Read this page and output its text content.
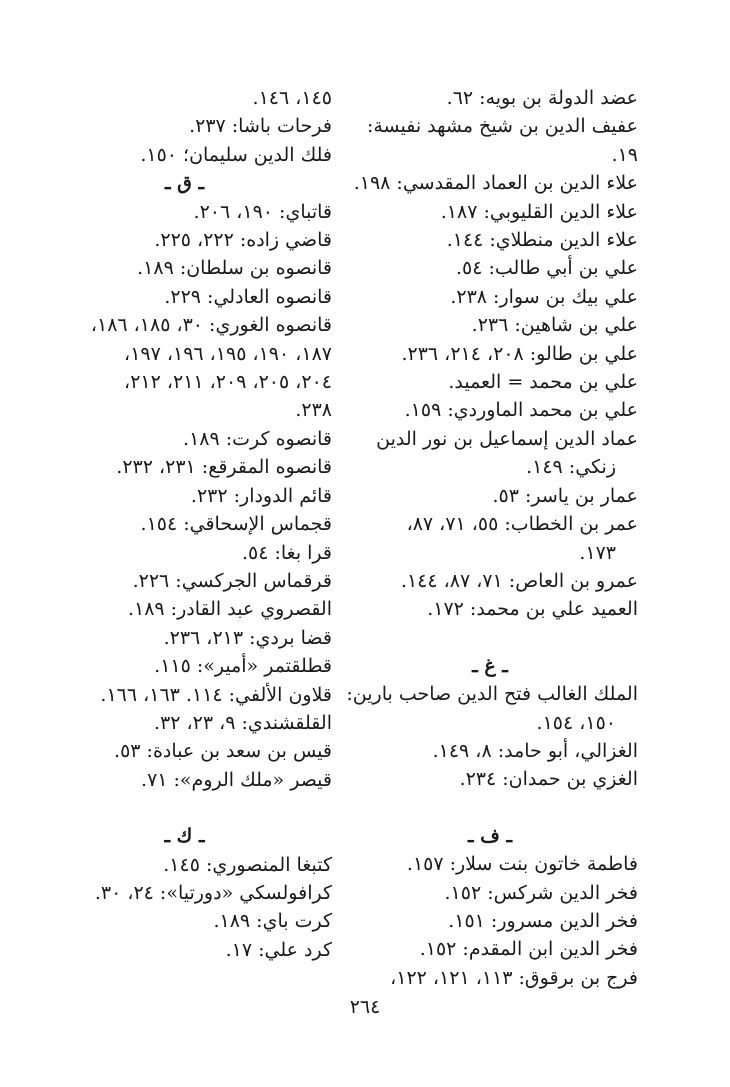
عضد الدولة بن بويه: ٦٢.
عفيف الدين بن شيخ مشهد نفيسة: ١٩.
علاء الدين بن العماد المقدسي: ١٩٨.
علاء الدين القليوبي: ١٨٧.
علاء الدين منطلاي: ١٤٤.
علي بن أبي طالب: ٥٤.
علي بيك بن سوار: ٢٣٨.
علي بن شاهين: ٢٣٦.
علي بن طالو: ٢٠٨، ٢١٤، ٢٣٦.
علي بن محمد = العميد.
علي بن محمد الماوردي: ١٥٩.
عماد الدين إسماعيل بن نور الدين
زنكي: ١٤٩.
عمار بن ياسر: ٥٣.
عمر بن الخطاب: ٥٥، ٧١، ٨٧،
١٧٣.
عمرو بن العاص: ٧١، ٨٧، ١٤٤.
العميد علي بن محمد: ١٧٢.
ـ غ ـ
الملك الغالب فتح الدين صاحب بارين:
١٥٠، ١٥٤.
الغزالي، أبو حامد: ٨، ١٤٩.
الغزي بن حمدان: ٢٣٤.
ـ ف ـ
فاطمة خاتون بنت سلار: ١٥٧.
فخر الدين شركس: ١٥٢.
فخر الدين مسرور: ١٥١.
فخر الدين ابن المقدم: ١٥٢.
فرج بن برقوق: ١١٣، ١٢١، ١٢٢،
١٤٥، ١٤٦.
فرحات باشا: ٢٣٧.
فلك الدين سليمان؛ ١٥٠.
ـ ق ـ
قاتباي: ١٩٠، ٢٠٦.
قاضي زاده: ٢٢٢، ٢٢٥.
قانصوه بن سلطان: ١٨٩.
قانصوه العادلي: ٢٢٩.
قانصوه الغوري: ٣٠، ١٨٥، ١٨٦،
١٨٧، ١٩٠، ١٩٥، ١٩٦، ١٩٧،
٢٠٤، ٢٠٥، ٢٠٩، ٢١١، ٢١٢،
٢٣٨.
قانصوه كرت: ١٨٩.
قانصوه المقرقع: ٢٣١، ٢٣٢.
قائم الدودار: ٢٣٢.
قجماس الإسحاقي: ١٥٤.
قرا بغا: ٥٤.
قرقماس الجركسي: ٢٢٦.
القصروي عبد القادر: ١٨٩.
قضا بردي: ٢١٣، ٢٣٦.
قطلقتمر «أمير»: ١١٥.
قلاون الألفي: ١١٤. ١٦٣، ١٦٦.
القلقشندي: ٩، ٢٣، ٣٢.
قيس بن سعد بن عبادة: ٥٣.
قيصر «ملك الروم»: ٧١.
ـ ك ـ
كتبغا المنصوري: ١٤٥.
كرافولسكي «دورتيا»: ٢٤، ٣٠.
كرت باي: ١٨٩.
كرد علي: ١٧.
٢٦٤
